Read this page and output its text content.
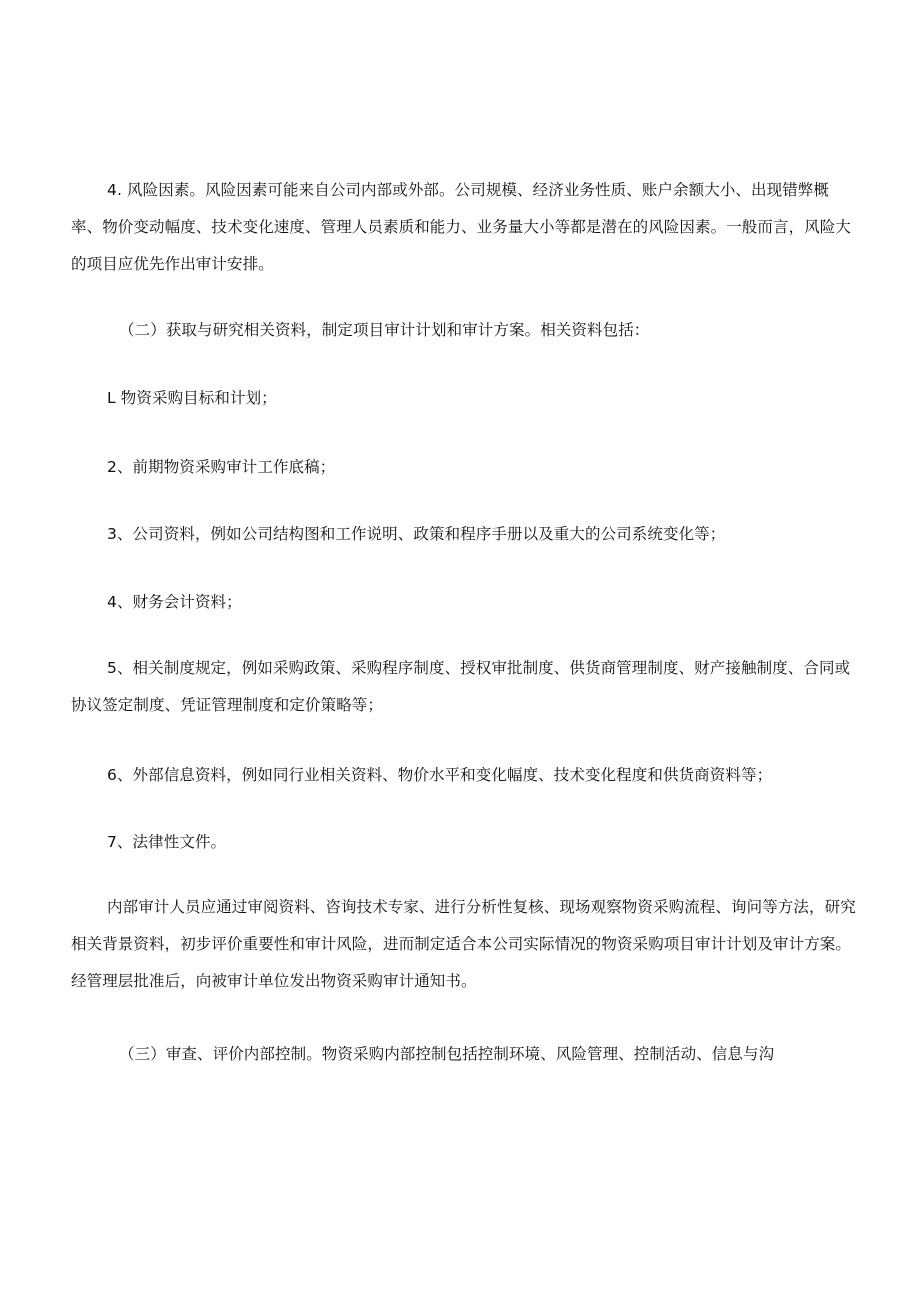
4. 风险因素。风险因素可能来自公司内部或外部。公司规模、经济业务性质、账户余额大小、出现错弊概率、物价变动幅度、技术变化速度、管理人员素质和能力、业务量大小等都是潜在的风险因素。一般而言，风险大的项目应优先作出审计安排。

（二）获取与研究相关资料，制定项目审计计划和审计方案。相关资料包括：

L 物资采购目标和计划；

2、前期物资采购审计工作底稿；

3、公司资料，例如公司结构图和工作说明、政策和程序手册以及重大的公司系统变化等；

4、财务会计资料；

5、相关制度规定，例如采购政策、采购程序制度、授权审批制度、供货商管理制度、财产接触制度、合同或协议签定制度、凭证管理制度和定价策略等；

6、外部信息资料，例如同行业相关资料、物价水平和变化幅度、技术变化程度和供货商资料等；

7、法律性文件。

内部审计人员应通过审阅资料、咨询技术专家、进行分析性复核、现场观察物资采购流程、询问等方法，研究相关背景资料，初步评价重要性和审计风险，进而制定适合本公司实际情况的物资采购项目审计计划及审计方案。经管理层批准后，向被审计单位发出物资采购审计通知书。

（三）审查、评价内部控制。物资采购内部控制包括控制环境、风险管理、控制活动、信息与沟
